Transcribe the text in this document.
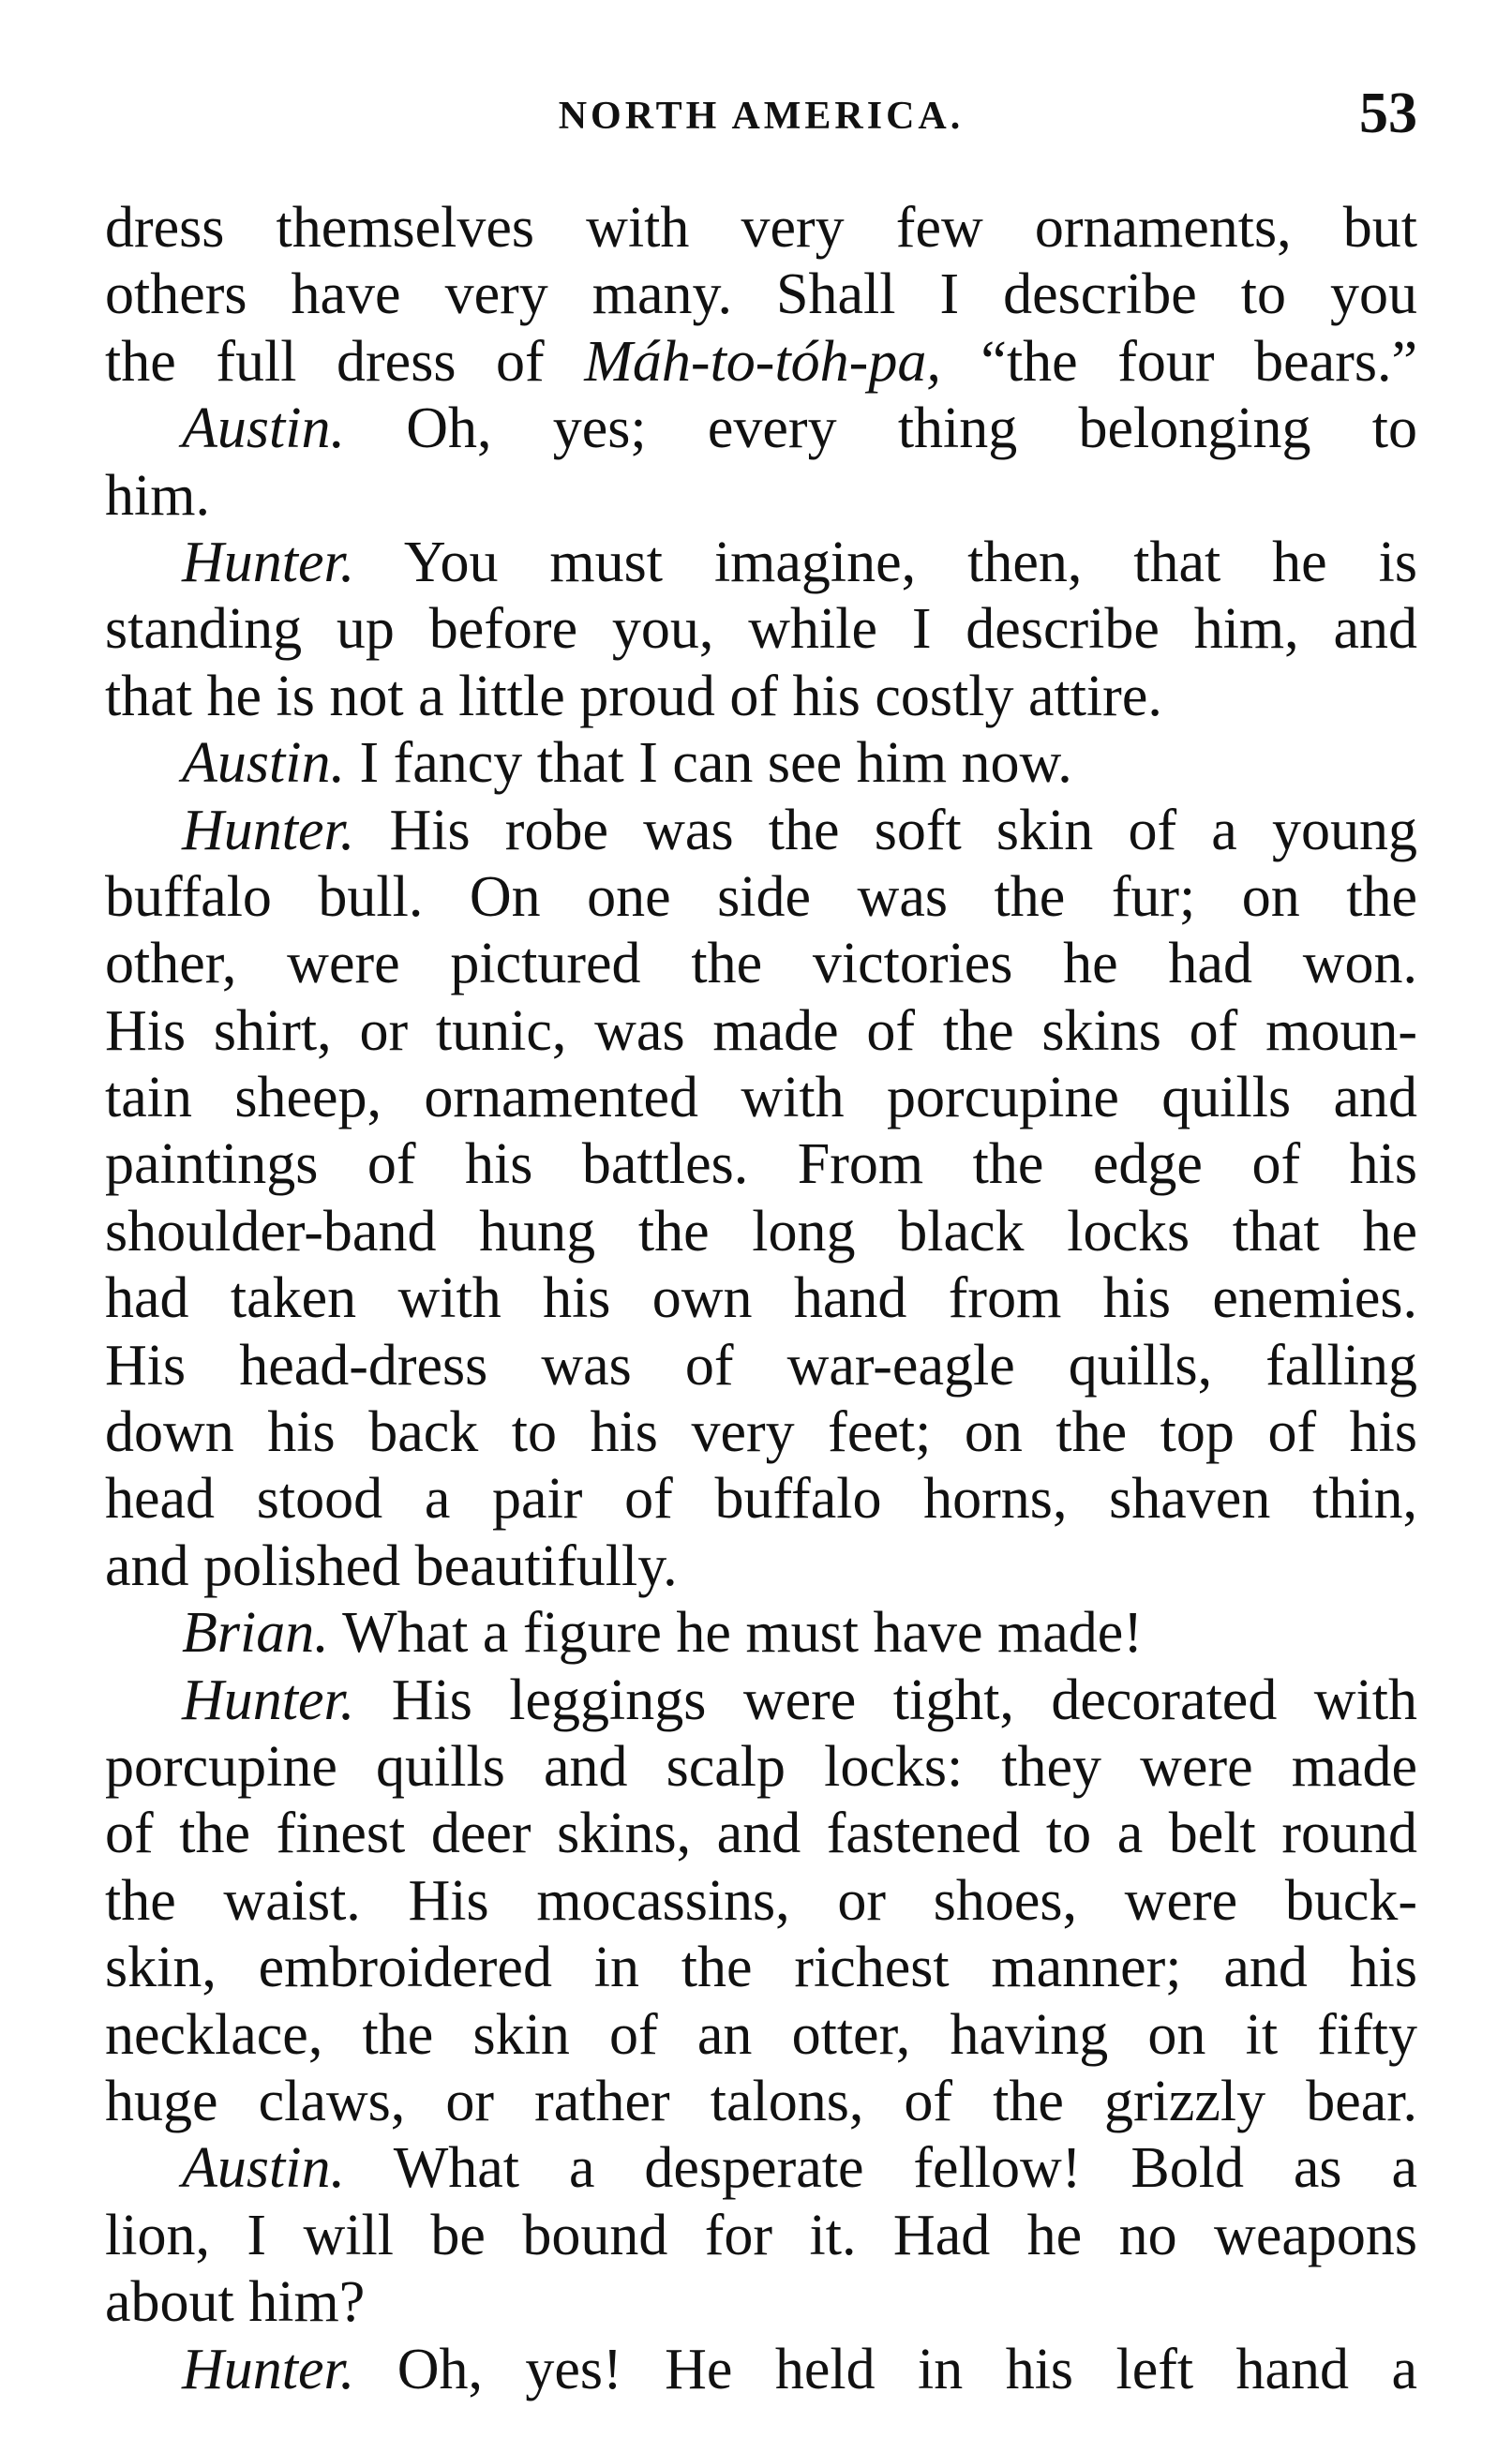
NORTH AMERICA.	53
dress themselves with very few ornaments, but
others have very many. Shall I describe to you
the full dress of Máh-to-tóh-pa, “the four bears.”
Austin. Oh, yes; every thing belonging to
him.
Hunter. You must imagine, then, that he is
standing up before you, while I describe him, and
that he is not a little proud of his costly attire.
Austin. I fancy that I can see him now.
Hunter. His robe was the soft skin of a young
buffalo bull. On one side was the fur; on the
other, were pictured the victories he had won.
His shirt, or tunic, was made of the skins of moun-
tain sheep, ornamented with porcupine quills and
paintings of his battles. From the edge of his
shoulder-band hung the long black locks that he
had taken with his own hand from his enemies.
His head-dress was of war-eagle quills, falling
down his back to his very feet; on the top of his
head stood a pair of buffalo horns, shaven thin,
and polished beautifully.
Brian. What a figure he must have made!
Hunter. His leggings were tight, decorated with
porcupine quills and scalp locks: they were made
of the finest deer skins, and fastened to a belt round
the waist. His mocassins, or shoes, were buck-
skin, embroidered in the richest manner; and his
necklace, the skin of an otter, having on it fifty
huge claws, or rather talons, of the grizzly bear.
Austin. What a desperate fellow! Bold as a
lion, I will be bound for it. Had he no weapons
about him?
Hunter. Oh, yes! He held in his left hand a
